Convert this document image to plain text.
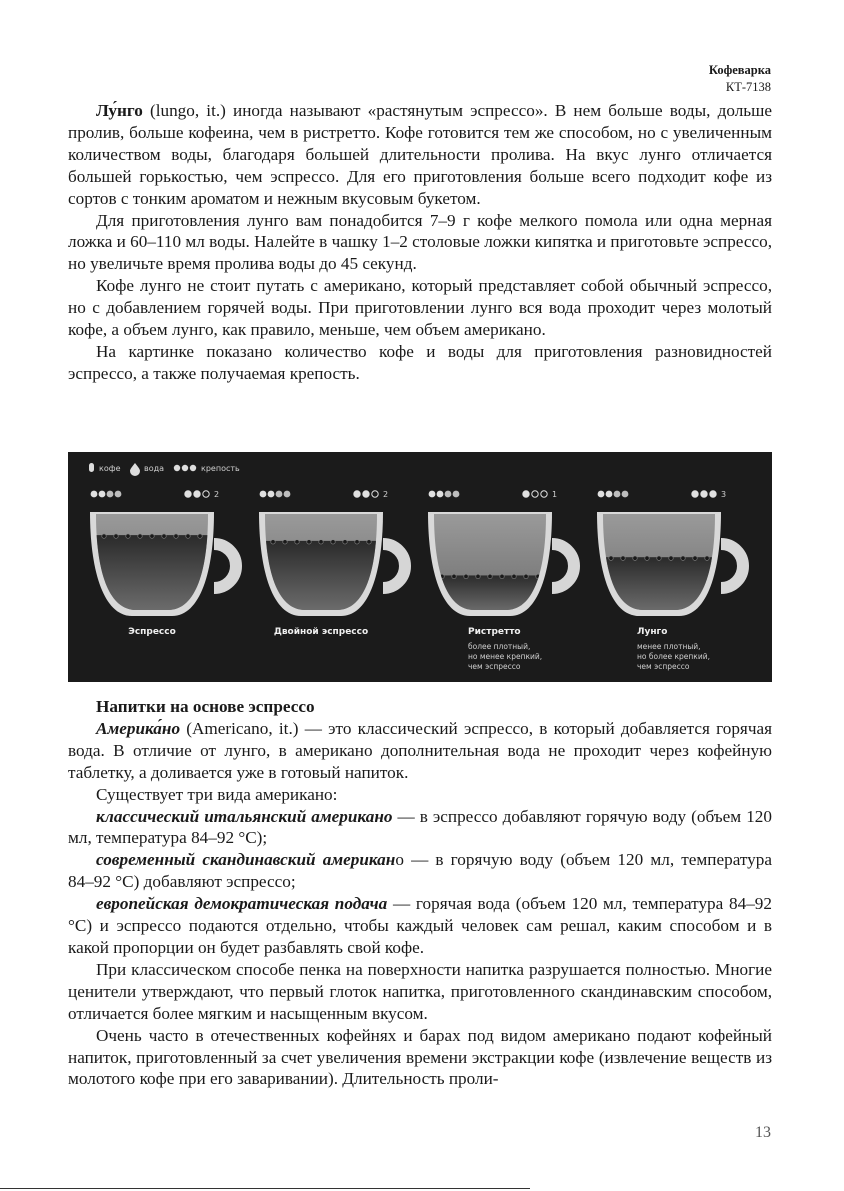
Кофеварка
КТ-7138

Лу́нго (lungo, it.) иногда называют «растянутым эспрессо». В нем больше воды, дольше пролив, больше кофеина, чем в ристретто. Кофе готовится тем же способом, но с увеличенным количеством воды, благодаря большей длительности пролива. На вкус лунго отличается большей горькостью, чем эспрессо. Для его приготовления больше всего подходит кофе из сортов с тонким ароматом и нежным вкусовым букетом.

Для приготовления лунго вам понадобится 7–9 г кофе мелкого помола или одна мерная ложка и 60–110 мл воды. Налейте в чашку 1–2 столовые ложки кипятка и приготовьте эспрессо, но увеличьте время пролива воды до 45 секунд.

Кофе лунго не стоит путать с американо, который представляет собой обычный эспрессо, но с добавлением горячей воды. При приготовлении лунго вся вода проходит через молотый кофе, а объем лунго, как правило, меньше, чем объем американо.

На картинке показано количество кофе и воды для приготовления разновидностей эспрессо, а также получаемая крепость.

кофе	вода	крепость
2
Эспрессо
2
Двойной эспрессо
1
Ристретто
более плотный,
но менее крепкий,
чем эспрессо
3
Лунго
менее плотный,
но более крепкий,
чем эспрессо

Напитки на основе эспрессо

Америка́но (Americano, it.) — это классический эспрессо, в который добавляется горячая вода. В отличие от лунго, в американо дополнительная вода не проходит через кофейную таблетку, а доливается уже в готовый напиток.

Существует три вида американо:

классический итальянский американо — в эспрессо добавляют горячую воду (объем 120 мл, температура 84–92 °С);

современный скандинавский американо — в горячую воду (объем 120 мл, температура 84–92 °С) добавляют эспрессо;

европейская демократическая подача — горячая вода (объем 120 мл, температура 84–92 °С) и эспрессо подаются отдельно, чтобы каждый человек сам решал, каким способом и в какой пропорции он будет разбавлять свой кофе.

При классическом способе пенка на поверхности напитка разрушается полностью. Многие ценители утверждают, что первый глоток напитка, приготовленного скандинавским способом, отличается более мягким и насыщенным вкусом.

Очень часто в отечественных кофейнях и барах под видом американо подают кофейный напиток, приготовленный за счет увеличения времени экстракции кофе (извлечение веществ из молотого кофе при его заваривании). Длительность проли-

13
